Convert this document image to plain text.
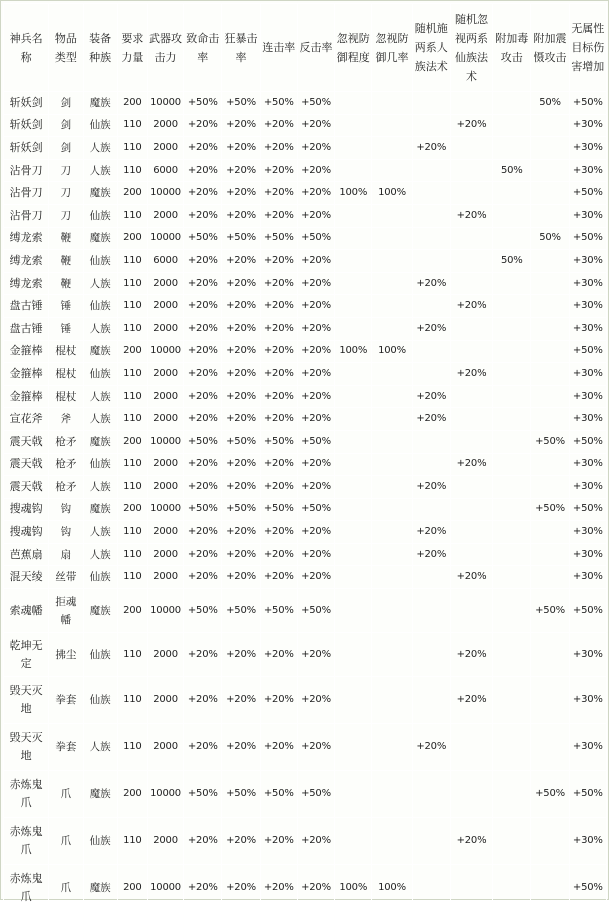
神兵名称	物品类型	装备种族	要求力量	武器攻击力	致命击率	狂暴击率	连击率	反击率	忽视防御程度	忽视防御几率	随机施两系人族法术	随机忽视两系仙族法术	附加毒攻击	附加震慑攻击	无属性目标伤害增加
斩妖剑	剑	魔族	200	10000	+50%	+50%	+50%	+50%						50%	+50%
斩妖剑	剑	仙族	110	2000	+20%	+20%	+20%	+20%				+20%			+30%
斩妖剑	剑	人族	110	2000	+20%	+20%	+20%	+20%			+20%				+30%
沾骨刀	刀	人族	110	6000	+20%	+20%	+20%	+20%					50%		+30%
沾骨刀	刀	魔族	200	10000	+20%	+20%	+20%	+20%	100%	100%					+50%
沾骨刀	刀	仙族	110	2000	+20%	+20%	+20%	+20%				+20%			+30%
缚龙索	鞭	魔族	200	10000	+50%	+50%	+50%	+50%						50%	+50%
缚龙索	鞭	仙族	110	6000	+20%	+20%	+20%	+20%					50%		+30%
缚龙索	鞭	人族	110	2000	+20%	+20%	+20%	+20%			+20%				+30%
盘古锤	锤	仙族	110	2000	+20%	+20%	+20%	+20%				+20%			+30%
盘古锤	锤	人族	110	2000	+20%	+20%	+20%	+20%			+20%				+30%
金箍棒	棍杖	魔族	200	10000	+20%	+20%	+20%	+20%	100%	100%					+50%
金箍棒	棍杖	仙族	110	2000	+20%	+20%	+20%	+20%				+20%			+30%
金箍棒	棍杖	人族	110	2000	+20%	+20%	+20%	+20%			+20%				+30%
宣花斧	斧	人族	110	2000	+20%	+20%	+20%	+20%			+20%				+30%
震天戟	枪矛	魔族	200	10000	+50%	+50%	+50%	+50%						+50%	+50%
震天戟	枪矛	仙族	110	2000	+20%	+20%	+20%	+20%				+20%			+30%
震天戟	枪矛	人族	110	2000	+20%	+20%	+20%	+20%			+20%				+30%
搜魂钩	钩	魔族	200	10000	+50%	+50%	+50%	+50%						+50%	+50%
搜魂钩	钩	人族	110	2000	+20%	+20%	+20%	+20%			+20%				+30%
芭蕉扇	扇	人族	110	2000	+20%	+20%	+20%	+20%			+20%				+30%
混天绫	丝带	仙族	110	2000	+20%	+20%	+20%	+20%				+20%			+30%
索魂幡	拒魂幡	魔族	200	10000	+50%	+50%	+50%	+50%						+50%	+50%
乾坤无定	拂尘	仙族	110	2000	+20%	+20%	+20%	+20%				+20%			+30%
毁天灭地	拳套	仙族	110	2000	+20%	+20%	+20%	+20%				+20%			+30%
毁天灭地	拳套	人族	110	2000	+20%	+20%	+20%	+20%			+20%				+30%
赤炼鬼爪	爪	魔族	200	10000	+50%	+50%	+50%	+50%						+50%	+50%
赤炼鬼爪	爪	仙族	110	2000	+20%	+20%	+20%	+20%				+20%			+30%
赤炼鬼爪	爪	魔族	200	10000	+20%	+20%	+20%	+20%	100%	100%					+50%
